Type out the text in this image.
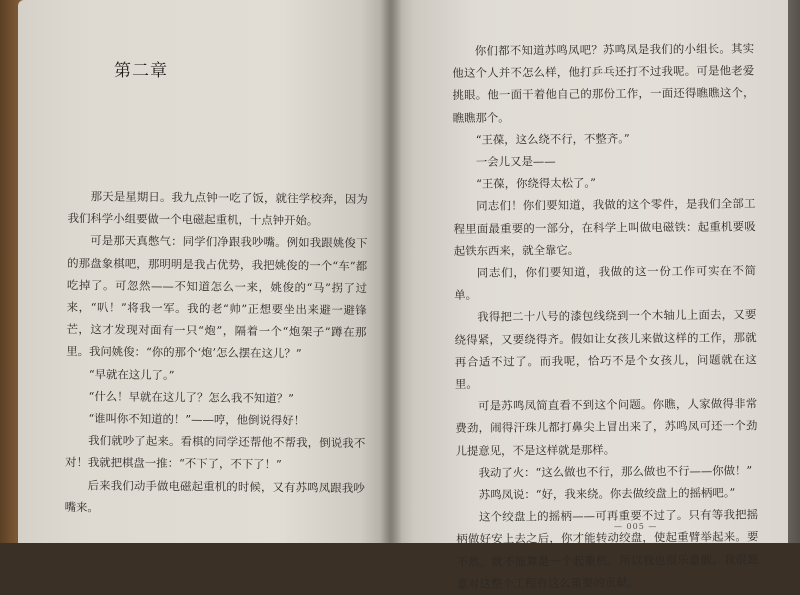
第二章

那天是星期日。我九点钟一吃了饭，就往学校奔，因为我们科学小组要做一个电磁起重机，十点钟开始。

可是那天真憋气：同学们净跟我吵嘴。例如我跟姚俊下的那盘象棋吧，那明明是我占优势，我把姚俊的一个“车”都吃掉了。可忽然——不知道怎么一来，姚俊的“马”拐了过来，“叭！”将我一军。我的老“帅”正想要坐出来避一避锋芒，这才发现对面有一只“炮”，隔着一个“炮架子”蹲在那里。我问姚俊：“你的那个‘炮’怎么摆在这儿？”

“早就在这儿了。”

“什么！早就在这儿了？怎么我不知道？”

“谁叫你不知道的！”——哼，他倒说得好！

我们就吵了起来。看棋的同学还帮他不帮我，倒说我不对！我就把棋盘一推：“不下了，不下了！”

后来我们动手做电磁起重机的时候，又有苏鸣凤跟我吵嘴来。

你们都不知道苏鸣凤吧？苏鸣凤是我们的小组长。其实他这个人并不怎么样，他打乒乓还打不过我呢。可是他老爱挑眼。他一面干着他自己的那份工作，一面还得瞧瞧这个，瞧瞧那个。

“王葆，这么绕不行，不整齐。”

一会儿又是——

“王葆，你绕得太松了。”

同志们！你们要知道，我做的这个零件，是我们全部工程里面最重要的一部分，在科学上叫做电磁铁：起重机要吸起铁东西来，就全靠它。

同志们，你们要知道，我做的这一份工作可实在不简单。

我得把二十八号的漆包线绕到一个木轴儿上面去，又要绕得紧，又要绕得齐。假如让女孩儿来做这样的工作，那就再合适不过了。而我呢，恰巧不是个女孩儿，问题就在这里。

可是苏鸣凤简直看不到这个问题。你瞧，人家做得非常费劲，闹得汗珠儿都打鼻尖上冒出来了，苏鸣凤可还一个劲儿提意见，不是这样就是那样。

我动了火：“这么做也不行，那么做也不行——你做！”

苏鸣凤说：“好，我来绕。你去做绞盘上的摇柄吧。”

这个绞盘上的摇柄——可再重要不过了。只有等我把摇柄做好安上去之后，你才能转动绞盘，使起重臂举起来。要不然，就不能算是一个起重机，所以我也很乐意做。我很愿意对这整个工程有这么重要的贡献。

— 005 —
